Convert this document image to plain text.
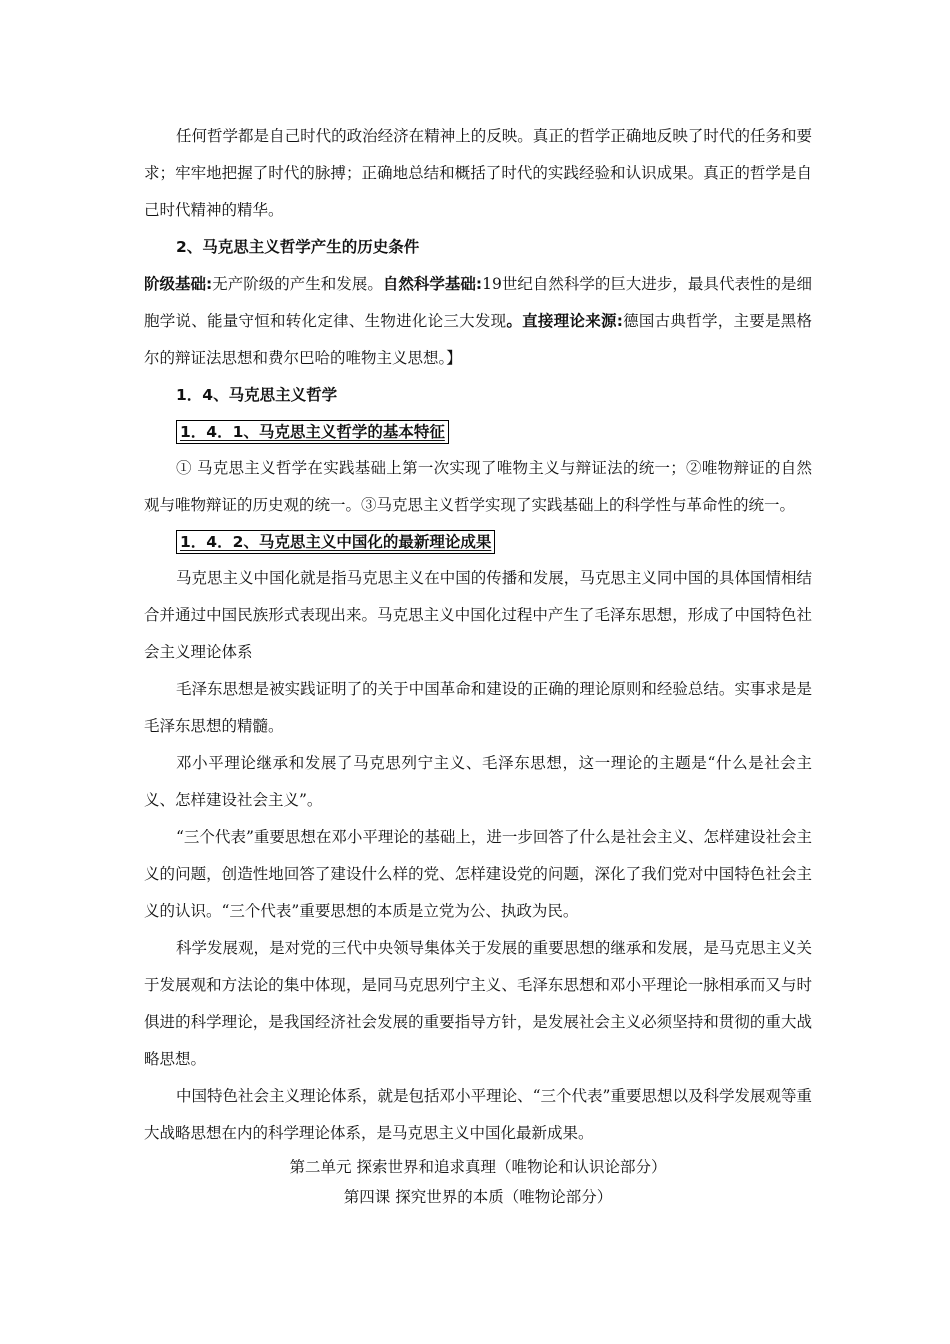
任何哲学都是自己时代的政治经济在精神上的反映。真正的哲学正确地反映了时代的任务和要求；牢牢地把握了时代的脉搏；正确地总结和概括了时代的实践经验和认识成果。真正的哲学是自己时代精神的精华。

2、马克思主义哲学产生的历史条件

阶级基础:无产阶级的产生和发展。自然科学基础:19世纪自然科学的巨大进步，最具代表性的是细胞学说、能量守恒和转化定律、生物进化论三大发现。直接理论来源:德国古典哲学，主要是黑格尔的辩证法思想和费尔巴哈的唯物主义思想。】

1．4、马克思主义哲学

1．4．1、马克思主义哲学的基本特征

① 马克思主义哲学在实践基础上第一次实现了唯物主义与辩证法的统一；②唯物辩证的自然观与唯物辩证的历史观的统一。③马克思主义哲学实现了实践基础上的科学性与革命性的统一。

1．4．2、马克思主义中国化的最新理论成果

马克思主义中国化就是指马克思主义在中国的传播和发展，马克思主义同中国的具体国情相结合并通过中国民族形式表现出来。马克思主义中国化过程中产生了毛泽东思想，形成了中国特色社会主义理论体系

毛泽东思想是被实践证明了的关于中国革命和建设的正确的理论原则和经验总结。实事求是是毛泽东思想的精髓。

邓小平理论继承和发展了马克思列宁主义、毛泽东思想，这一理论的主题是“什么是社会主义、怎样建设社会主义”。

“三个代表”重要思想在邓小平理论的基础上，进一步回答了什么是社会主义、怎样建设社会主义的问题，创造性地回答了建设什么样的党、怎样建设党的问题，深化了我们党对中国特色社会主义的认识。“三个代表”重要思想的本质是立党为公、执政为民。

科学发展观，是对党的三代中央领导集体关于发展的重要思想的继承和发展，是马克思主义关于发展观和方法论的集中体现，是同马克思列宁主义、毛泽东思想和邓小平理论一脉相承而又与时俱进的科学理论，是我国经济社会发展的重要指导方针，是发展社会主义必须坚持和贯彻的重大战略思想。

中国特色社会主义理论体系，就是包括邓小平理论、“三个代表”重要思想以及科学发展观等重大战略思想在内的科学理论体系，是马克思主义中国化最新成果。

第二单元 探索世界和追求真理（唯物论和认识论部分）

第四课 探究世界的本质（唯物论部分）
